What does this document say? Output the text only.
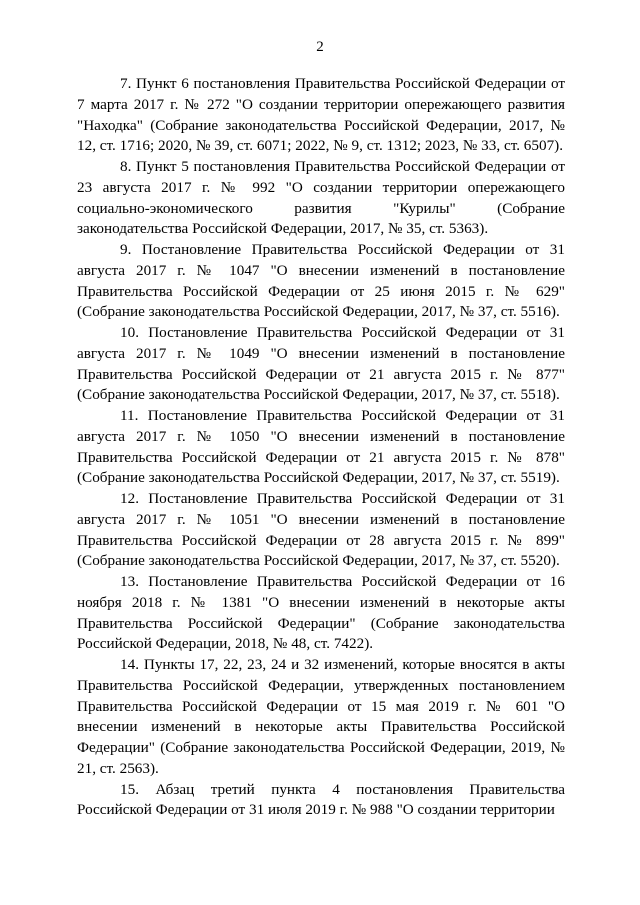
2

7. Пункт 6 постановления Правительства Российской Федерации от 7 марта 2017 г. № 272 "О создании территории опережающего развития "Находка" (Собрание законодательства Российской Федерации, 2017, № 12, ст. 1716; 2020, № 39, ст. 6071; 2022, № 9, ст. 1312; 2023, № 33, ст. 6507).

8. Пункт 5 постановления Правительства Российской Федерации от 23 августа 2017 г. № 992 "О создании территории опережающего социально-экономического развития "Курилы" (Собрание законодательства Российской Федерации, 2017, № 35, ст. 5363).

9. Постановление Правительства Российской Федерации от 31 августа 2017 г. № 1047 "О внесении изменений в постановление Правительства Российской Федерации от 25 июня 2015 г. № 629" (Собрание законодательства Российской Федерации, 2017, № 37, ст. 5516).

10. Постановление Правительства Российской Федерации от 31 августа 2017 г. № 1049 "О внесении изменений в постановление Правительства Российской Федерации от 21 августа 2015 г. № 877" (Собрание законодательства Российской Федерации, 2017, № 37, ст. 5518).

11. Постановление Правительства Российской Федерации от 31 августа 2017 г. № 1050 "О внесении изменений в постановление Правительства Российской Федерации от 21 августа 2015 г. № 878" (Собрание законодательства Российской Федерации, 2017, № 37, ст. 5519).

12. Постановление Правительства Российской Федерации от 31 августа 2017 г. № 1051 "О внесении изменений в постановление Правительства Российской Федерации от 28 августа 2015 г. № 899" (Собрание законодательства Российской Федерации, 2017, № 37, ст. 5520).

13. Постановление Правительства Российской Федерации от 16 ноября 2018 г. № 1381 "О внесении изменений в некоторые акты Правительства Российской Федерации" (Собрание законодательства Российской Федерации, 2018, № 48, ст. 7422).

14. Пункты 17, 22, 23, 24 и 32 изменений, которые вносятся в акты Правительства Российской Федерации, утвержденных постановлением Правительства Российской Федерации от 15 мая 2019 г. № 601 "О внесении изменений в некоторые акты Правительства Российской Федерации" (Собрание законодательства Российской Федерации, 2019, № 21, ст. 2563).

15. Абзац третий пункта 4 постановления Правительства Российской Федерации от 31 июля 2019 г. № 988 "О создании территории
